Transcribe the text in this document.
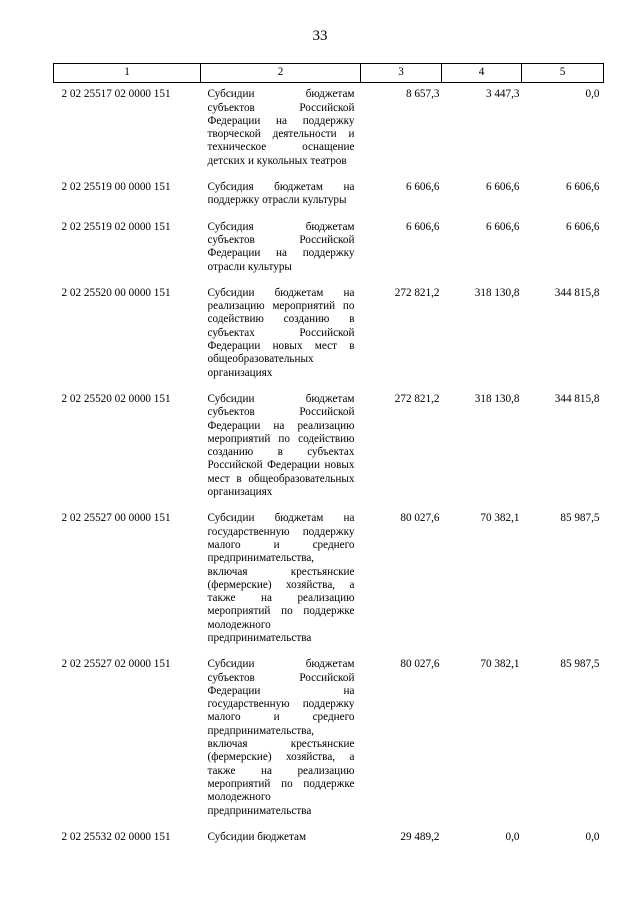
33
1	2	3	4	5
2 02 25517 02 0000 151	Субсидии бюджетам субъектов Российской Федерации на поддержку творческой деятельности и техническое оснащение детских и кукольных театров	8 657,3	3 447,3	0,0
2 02 25519 00 0000 151	Субсидия бюджетам на поддержку отрасли культуры	6 606,6	6 606,6	6 606,6
2 02 25519 02 0000 151	Субсидия бюджетам субъектов Российской Федерации на поддержку отрасли культуры	6 606,6	6 606,6	6 606,6
2 02 25520 00 0000 151	Субсидии бюджетам на реализацию мероприятий по содействию созданию в субъектах Российской Федерации новых мест в общеобразовательных организациях	272 821,2	318 130,8	344 815,8
2 02 25520 02 0000 151	Субсидии бюджетам субъектов Российской Федерации на реализацию мероприятий по содействию созданию в субъектах Российской Федерации новых мест в общеобразовательных организациях	272 821,2	318 130,8	344 815,8
2 02 25527 00 0000 151	Субсидии бюджетам на государственную поддержку малого и среднего предпринимательства, включая крестьянские (фермерские) хозяйства, а также на реализацию мероприятий по поддержке молодежного предпринимательства	80 027,6	70 382,1	85 987,5
2 02 25527 02 0000 151	Субсидии бюджетам субъектов Российской Федерации на государственную поддержку малого и среднего предпринимательства, включая крестьянские (фермерские) хозяйства, а также на реализацию мероприятий по поддержке молодежного предпринимательства	80 027,6	70 382,1	85 987,5
2 02 25532 02 0000 151	Субсидии бюджетам	29 489,2	0,0	0,0
